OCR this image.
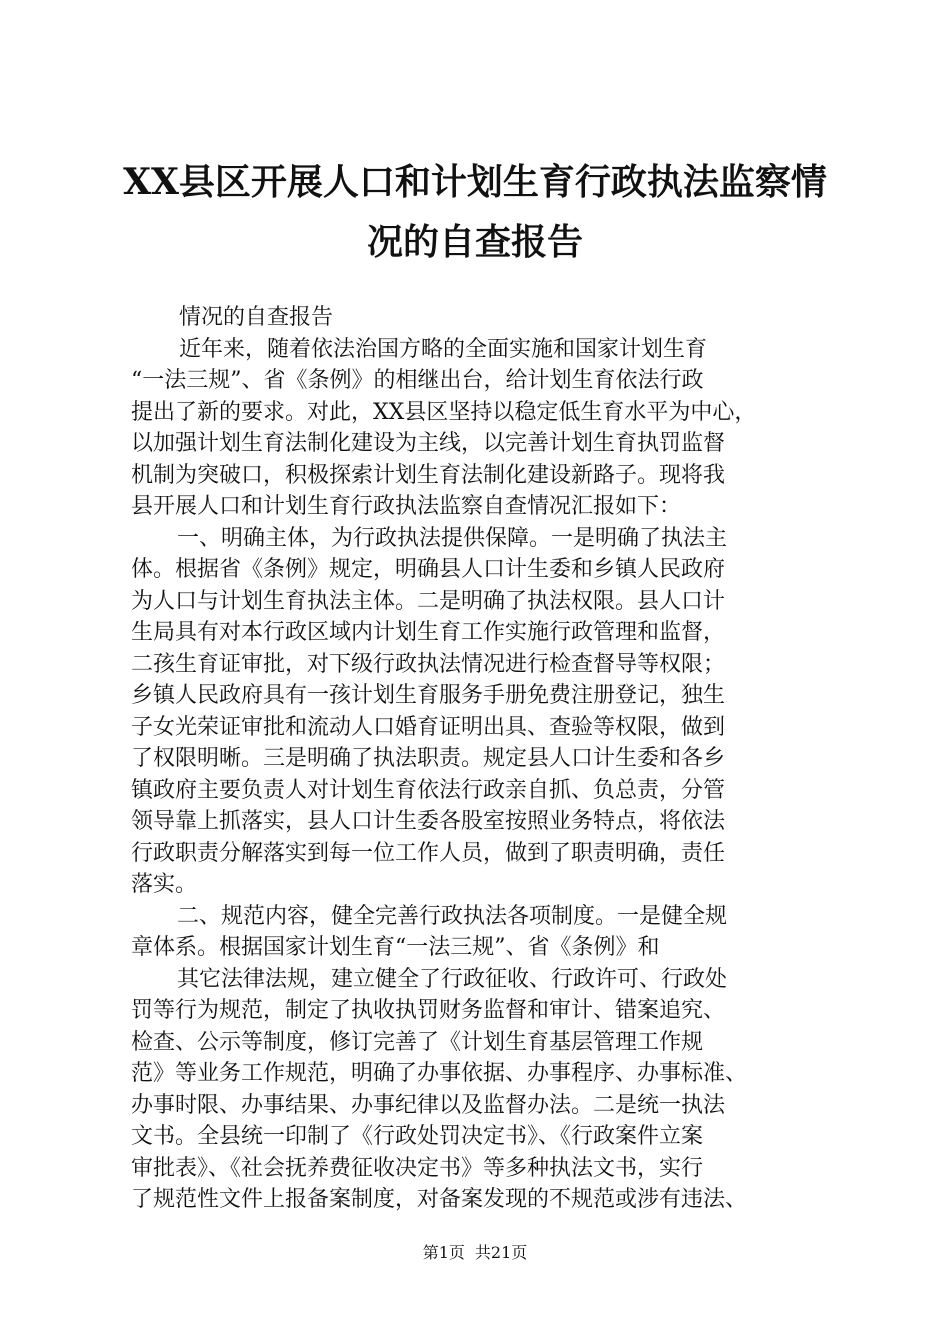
XX县区开展人口和计划生育行政执法监察情
况的自查报告
情况的自查报告
近年来，随着依法治国方略的全面实施和国家计划生育
“一法三规”、省《条例》的相继出台，给计划生育依法行政
提出了新的要求。对此，XX县区坚持以稳定低生育水平为中心，
以加强计划生育法制化建设为主线，以完善计划生育执罚监督
机制为突破口，积极探索计划生育法制化建设新路子。现将我
县开展人口和计划生育行政执法监察自查情况汇报如下：
一、明确主体，为行政执法提供保障。一是明确了执法主
体。根据省《条例》规定，明确县人口计生委和乡镇人民政府
为人口与计划生育执法主体。二是明确了执法权限。县人口计
生局具有对本行政区域内计划生育工作实施行政管理和监督，
二孩生育证审批，对下级行政执法情况进行检查督导等权限；
乡镇人民政府具有一孩计划生育服务手册免费注册登记，独生
子女光荣证审批和流动人口婚育证明出具、查验等权限，做到
了权限明晰。三是明确了执法职责。规定县人口计生委和各乡
镇政府主要负责人对计划生育依法行政亲自抓、负总责，分管
领导靠上抓落实，县人口计生委各股室按照业务特点，将依法
行政职责分解落实到每一位工作人员，做到了职责明确，责任
落实。
二、规范内容，健全完善行政执法各项制度。一是健全规
章体系。根据国家计划生育“一法三规”、省《条例》和
其它法律法规，建立健全了行政征收、行政许可、行政处
罚等行为规范，制定了执收执罚财务监督和审计、错案追究、
检查、公示等制度，修订完善了《计划生育基层管理工作规
范》等业务工作规范，明确了办事依据、办事程序、办事标准、
办事时限、办事结果、办事纪律以及监督办法。二是统一执法
文书。全县统一印制了《行政处罚决定书》、《行政案件立案
审批表》、《社会抚养费征收决定书》等多种执法文书，实行
了规范性文件上报备案制度，对备案发现的不规范或涉有违法、
第1页 共21页
